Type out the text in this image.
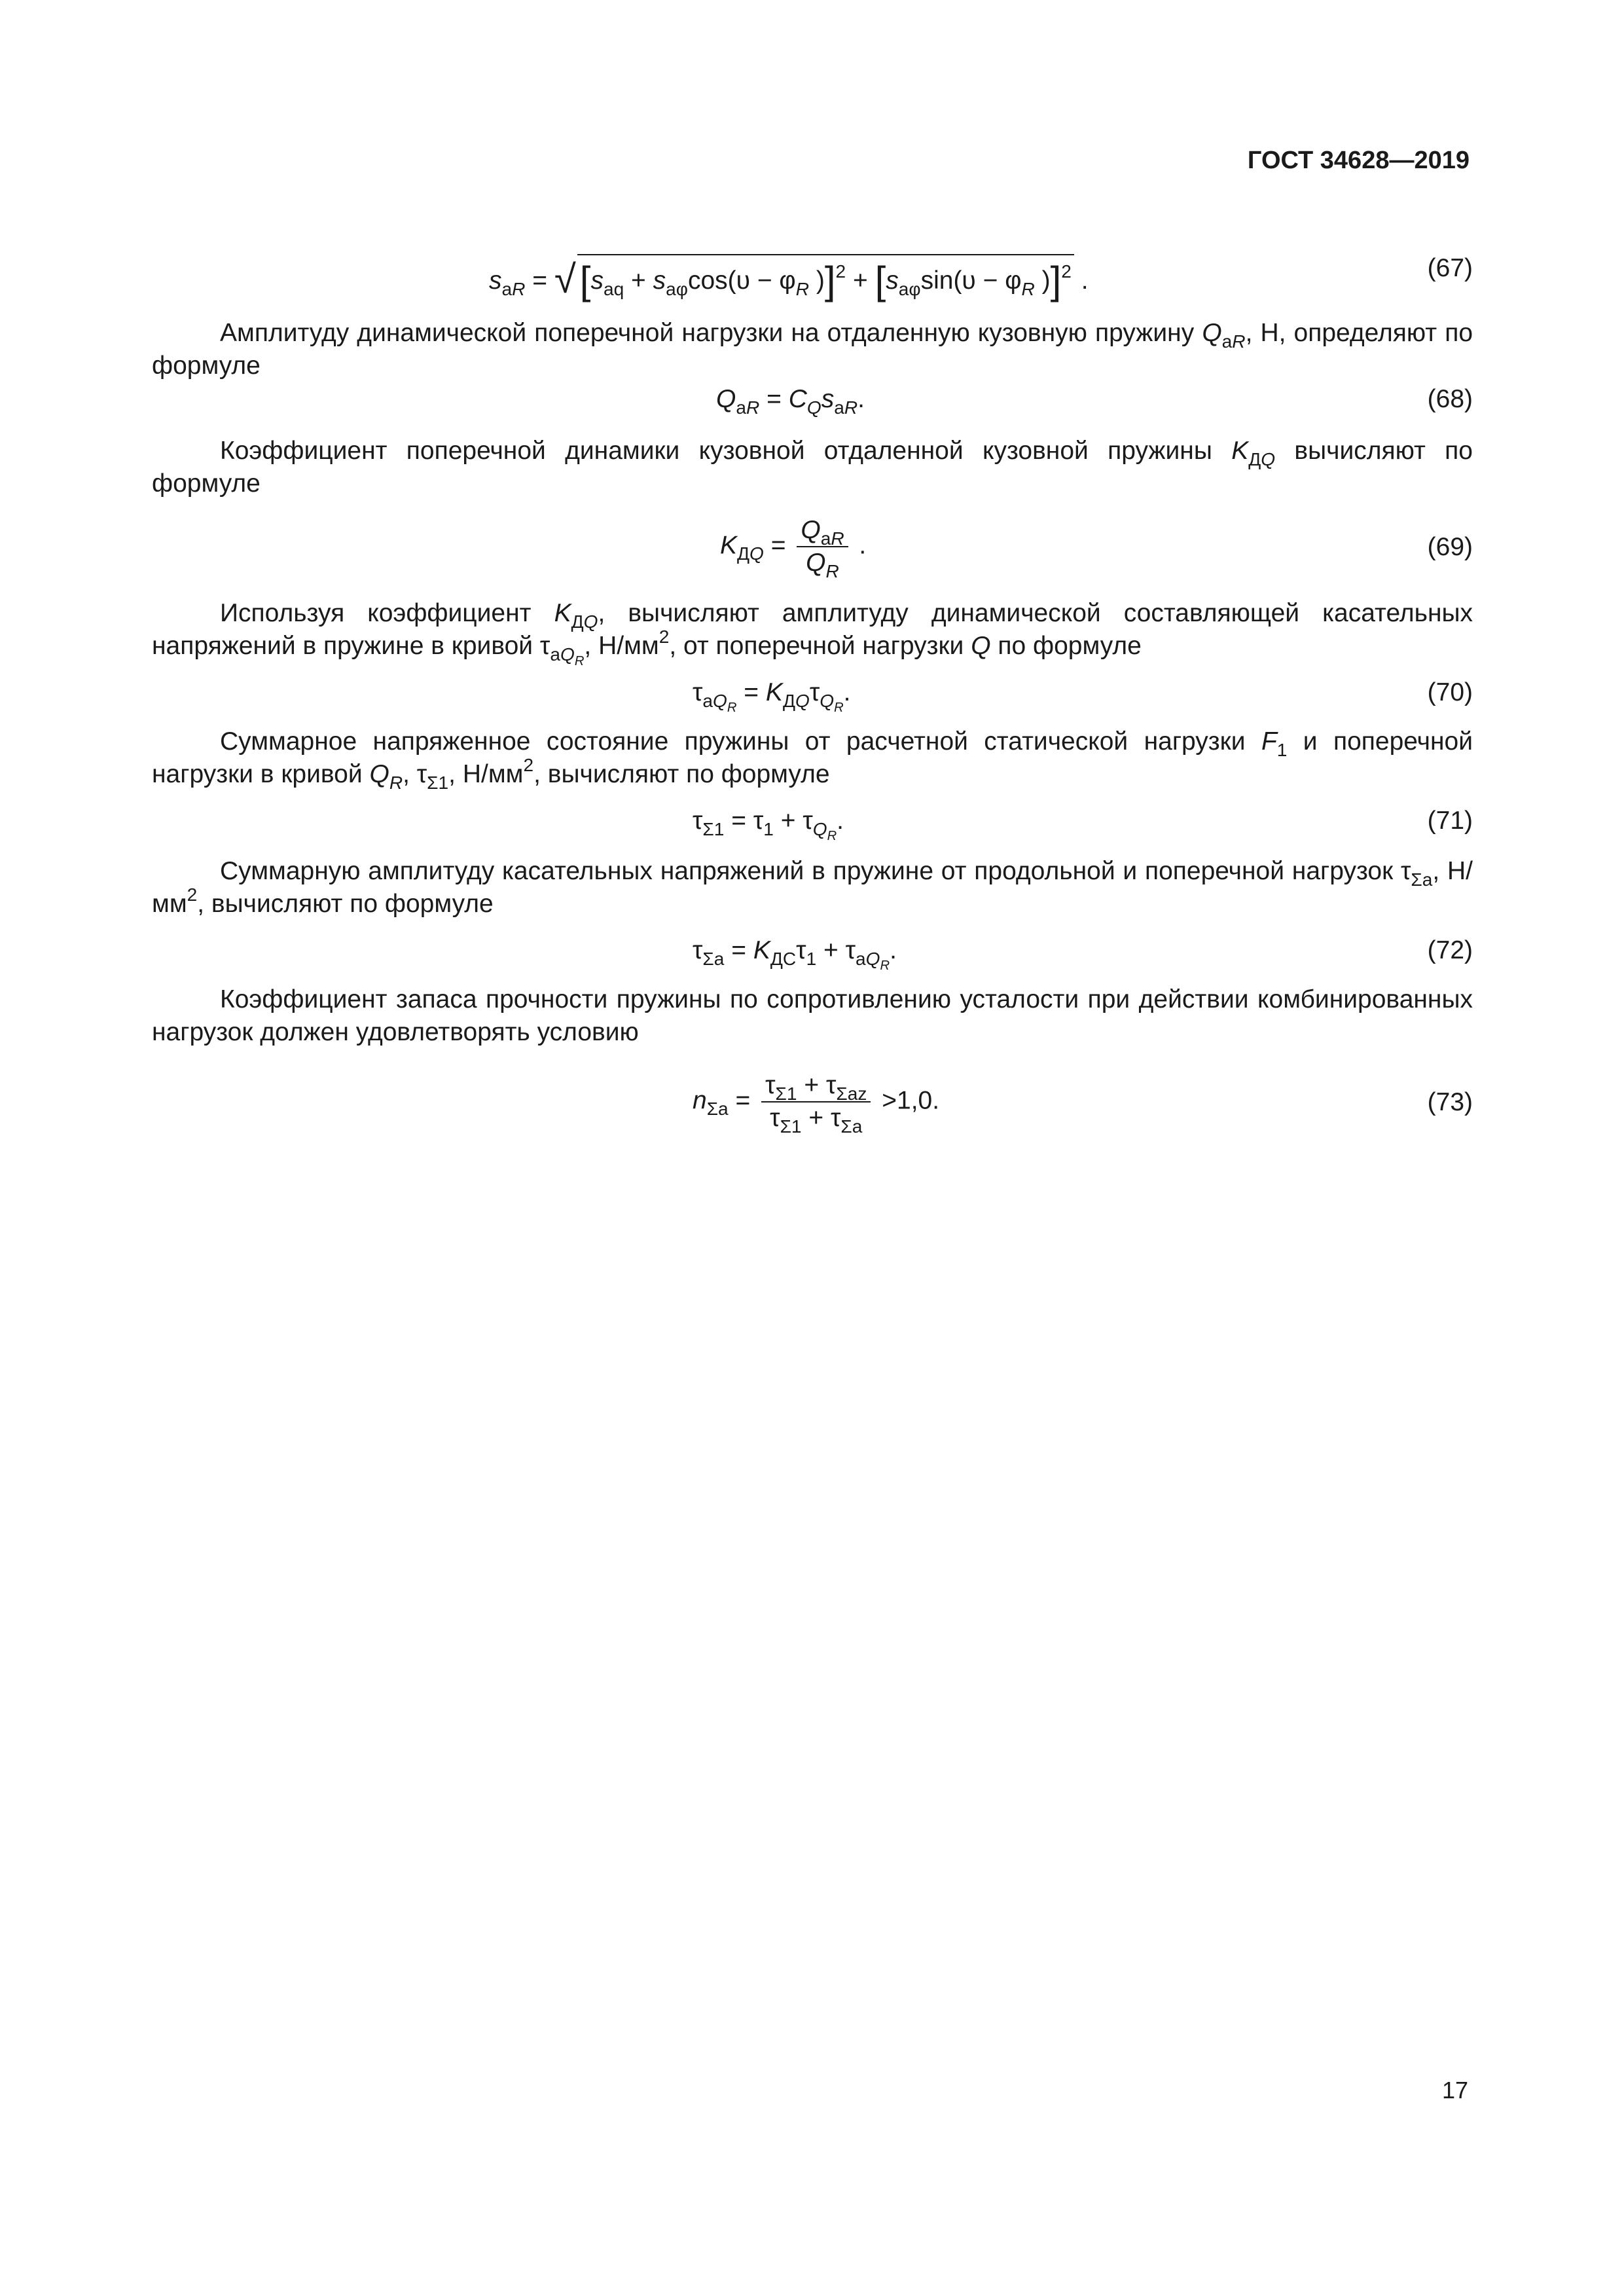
ГОСТ 34628—2019
$s_{aR}$ = √ [$s_{aq} + s_{a\varphi}\cos(\upsilon - \varphi_R$ )]$^2 + [s_{a\varphi}\sin(\upsilon - \varphi_R$ )]$^2$ .	(67)
Амплитуду динамической поперечной нагрузки на отдаленную кузовную пружину $Q_{aR}$, Н, определяют по формуле
$Q_{aR} = C_Qs_{aR}$.	(68)
Коэффициент поперечной динамики кузовной отдаленной кузовной пружины $K_{ДQ}$ вычисляют по формуле
$K_{ДQ} = \frac{Q_{aR}}{Q_R}$ .	(69)
Используя коэффициент $K_{ДQ}$, вычисляют амплитуду динамической составляющей касательных напряжений в пружине в кривой $\tau_{aQ_R}$, $Н/мм^2$, от поперечной нагрузки Q по формуле
$\tau_{aQ_R} = K_{ДQ}\tau_{Q_R}$.	(70)
Суммарное напряженное состояние пружины от расчетной статической нагрузки $F_1$ и поперечной нагрузки в кривой $Q_R$, $\tau_{\Sigma 1}$, $Н/мм^2$, вычисляют по формуле
$\tau_{\Sigma 1} = \tau_1 + \tau_{Q_R}$.	(71)
Суммарную амплитуду касательных напряжений в пружине от продольной и поперечной нагрузок $\tau_{\Sigma a}$, $Н/мм^2$, вычисляют по формуле
$\tau_{\Sigma a} = K_{ДС}\tau_1 + \tau_{aQ_R}$.	(72)
Коэффициент запаса прочности пружины по сопротивлению усталости при действии комбинированных нагрузок должен удовлетворять условию
$n_{\Sigma a} = \frac{\tau_{\Sigma 1} + \tau_{\Sigma az}}{\tau_{\Sigma 1} + \tau_{\Sigma a}} >1,0$.	(73)
17
